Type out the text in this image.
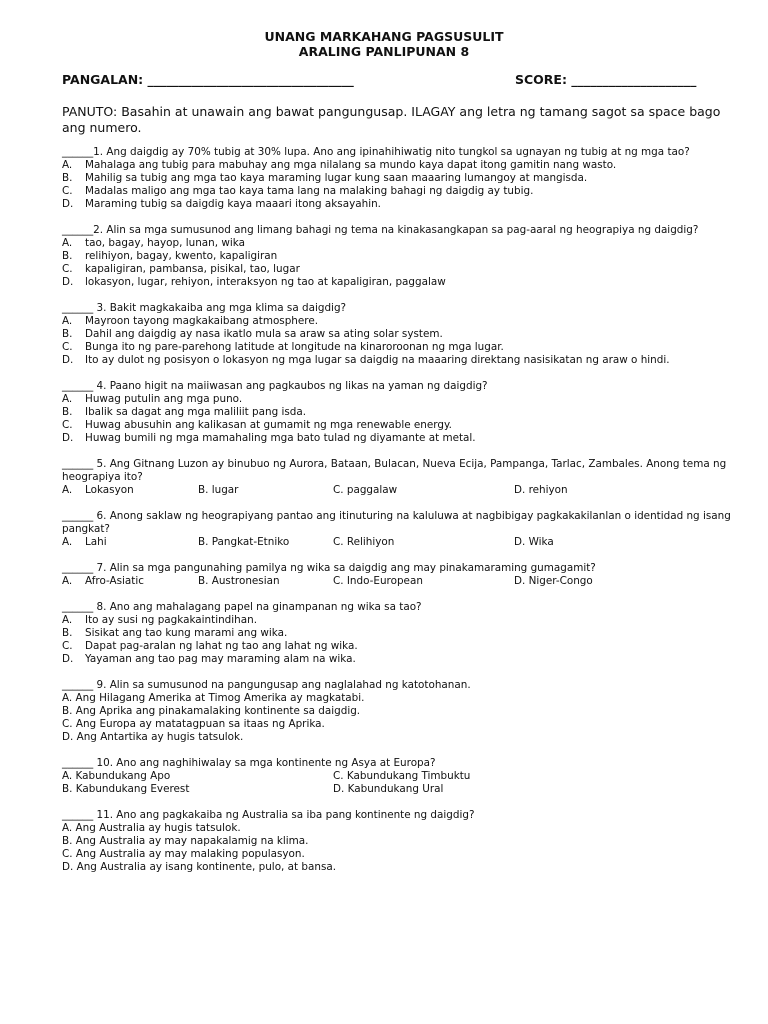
UNANG MARKAHANG PAGSUSULIT
ARALING PANLIPUNAN 8
PANGALAN: _________________________________	SCORE: ____________________
PANUTO: Basahin at unawain ang bawat pangungusap. ILAGAY ang letra ng tamang sagot sa space bago ang numero.
______1. Ang daigdig ay 70% tubig at 30% lupa. Ano ang ipinahihiwatig nito tungkol sa ugnayan ng tubig at ng mga tao?
A. Mahalaga ang tubig para mabuhay ang mga nilalang sa mundo kaya dapat itong gamitin nang wasto.
B. Mahilig sa tubig ang mga tao kaya maraming lugar kung saan maaaring lumangoy at mangisda.
C. Madalas maligo ang mga tao kaya tama lang na malaking bahagi ng daigdig ay tubig.
D. Maraming tubig sa daigdig kaya maaari itong aksayahin.
______2. Alin sa mga sumusunod ang limang bahagi ng tema na kinakasangkapan sa pag-aaral ng heograpiya ng daigdig?
A. tao, bagay, hayop, lunan, wika
B. relihiyon, bagay, kwento, kapaligiran
C. kapaligiran, pambansa, pisikal, tao, lugar
D. lokasyon, lugar, rehiyon, interaksyon ng tao at kapaligiran, paggalaw
______ 3. Bakit magkakaiba ang mga klima sa daigdig?
A. Mayroon tayong magkakaibang atmosphere.
B. Dahil ang daigdig ay nasa ikatlo mula sa araw sa ating solar system.
C. Bunga ito ng pare-parehong latitude at longitude na kinaroroonan ng mga lugar.
D. Ito ay dulot ng posisyon o lokasyon ng mga lugar sa daigdig na maaaring direktang nasisikatan ng araw o hindi.
______ 4. Paano higit na maiiwasan ang pagkaubos ng likas na yaman ng daigdig?
A. Huwag putulin ang mga puno.
B. Ibalik sa dagat ang mga maliliit pang isda.
C. Huwag abusuhin ang kalikasan at gumamit ng mga renewable energy.
D. Huwag bumili ng mga mamahaling mga bato tulad ng diyamante at metal.
______ 5. Ang Gitnang Luzon ay binubuo ng Aurora, Bataan, Bulacan, Nueva Ecija, Pampanga, Tarlac, Zambales. Anong tema ng heograpiya ito?
A. Lokasyon	B. lugar	C. paggalaw	D. rehiyon
______ 6. Anong saklaw ng heograpiyang pantao ang itinuturing na kaluluwa at nagbibigay pagkakakilanlan o identidad ng isang pangkat?
A. Lahi	B. Pangkat-Etniko	C. Relihiyon	D. Wika
______ 7. Alin sa mga pangunahing pamilya ng wika sa daigdig ang may pinakamaraming gumagamit?
A. Afro-Asiatic	B. Austronesian	C. Indo-European	D. Niger-Congo
______ 8. Ano ang mahalagang papel na ginampanan ng wika sa tao?
A. Ito ay susi ng pagkakaintindihan.
B. Sisikat ang tao kung marami ang wika.
C. Dapat pag-aralan ng lahat ng tao ang lahat ng wika.
D. Yayaman ang tao pag may maraming alam na wika.
______ 9. Alin sa sumusunod na pangungusap ang naglalahad ng katotohanan.
A. Ang Hilagang Amerika at Timog Amerika ay magkatabi.
B. Ang Aprika ang pinakamalaking kontinente sa daigdig.
C. Ang Europa ay matatagpuan sa itaas ng Aprika.
D. Ang Antartika ay hugis tatsulok.
______ 10. Ano ang naghihiwalay sa mga kontinente ng Asya at Europa?
A. Kabundukang Apo	C. Kabundukang Timbuktu
B. Kabundukang Everest	D. Kabundukang Ural
______ 11. Ano ang pagkakaiba ng Australia sa iba pang kontinente ng daigdig?
A. Ang Australia ay hugis tatsulok.
B. Ang Australia ay may napakalamig na klima.
C. Ang Australia ay may malaking populasyon.
D. Ang Australia ay isang kontinente, pulo, at bansa.
